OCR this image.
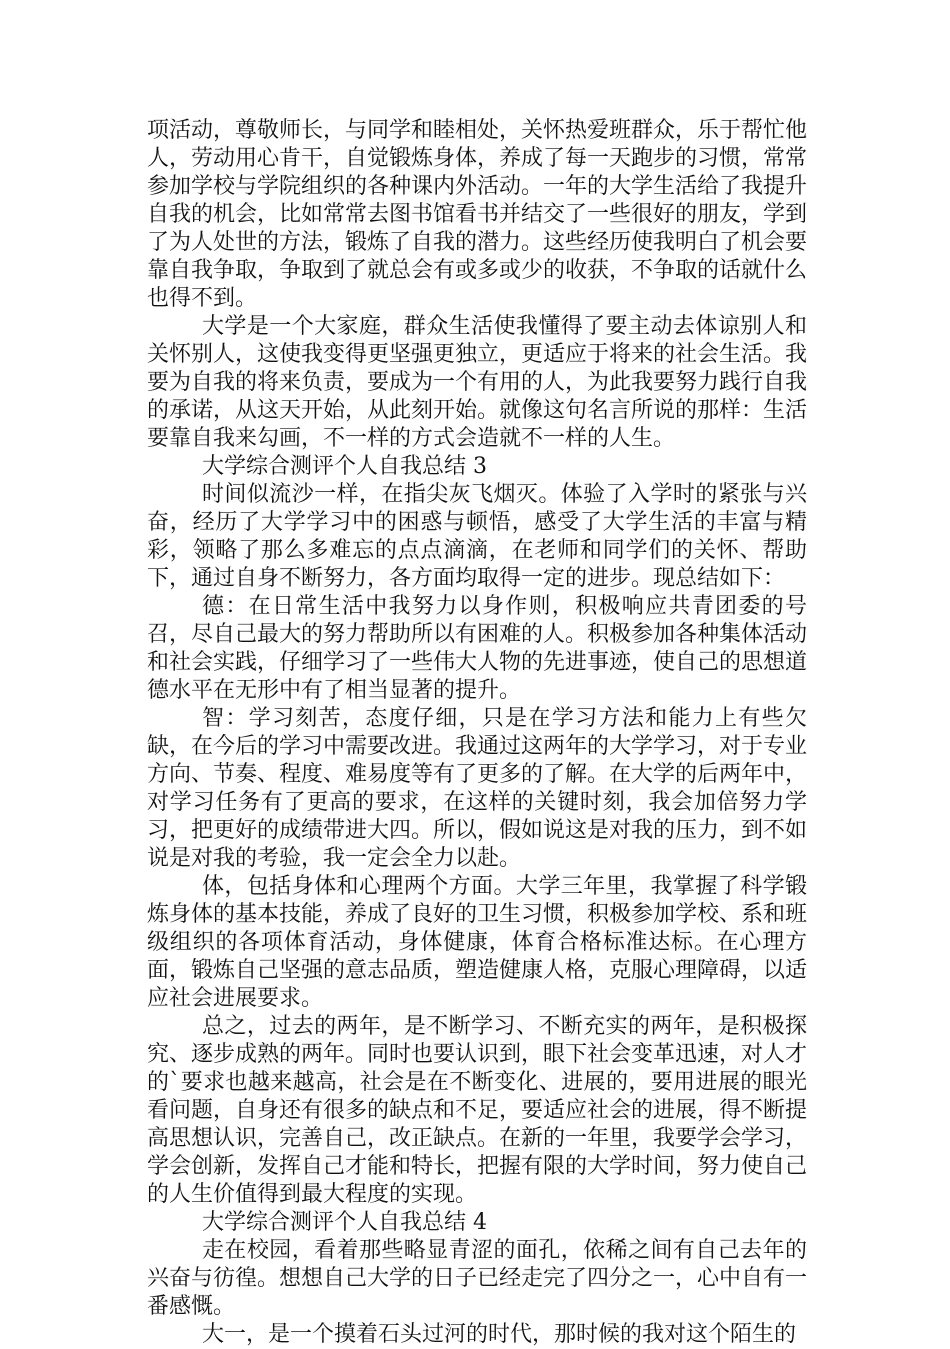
项活动，尊敬师长，与同学和睦相处，关怀热爱班群众，乐于帮忙他人，劳动用心肯干，自觉锻炼身体，养成了每一天跑步的习惯，常常参加学校与学院组织的各种课内外活动。一年的大学生活给了我提升自我的机会，比如常常去图书馆看书并结交了一些很好的朋友，学到了为人处世的方法，锻炼了自我的潜力。这些经历使我明白了机会要靠自我争取，争取到了就总会有或多或少的收获，不争取的话就什么也得不到。

大学是一个大家庭，群众生活使我懂得了要主动去体谅别人和关怀别人，这使我变得更坚强更独立，更适应于将来的社会生活。我要为自我的将来负责，要成为一个有用的人，为此我要努力践行自我的承诺，从这天开始，从此刻开始。就像这句名言所说的那样：生活要靠自我来勾画，不一样的方式会造就不一样的人生。

大学综合测评个人自我总结 3

时间似流沙一样，在指尖灰飞烟灭。体验了入学时的紧张与兴奋，经历了大学学习中的困惑与顿悟，感受了大学生活的丰富与精彩，领略了那么多难忘的点点滴滴，在老师和同学们的关怀、帮助下，通过自身不断努力，各方面均取得一定的进步。现总结如下：

德：在日常生活中我努力以身作则，积极响应共青团委的号召，尽自己最大的努力帮助所以有困难的人。积极参加各种集体活动和社会实践，仔细学习了一些伟大人物的先进事迹，使自己的思想道德水平在无形中有了相当显著的提升。

智：学习刻苦，态度仔细，只是在学习方法和能力上有些欠缺，在今后的学习中需要改进。我通过这两年的大学学习，对于专业方向、节奏、程度、难易度等有了更多的了解。在大学的后两年中，对学习任务有了更高的要求，在这样的关键时刻，我会加倍努力学习，把更好的成绩带进大四。所以，假如说这是对我的压力，到不如说是对我的考验，我一定会全力以赴。

体，包括身体和心理两个方面。大学三年里，我掌握了科学锻炼身体的基本技能，养成了良好的卫生习惯，积极参加学校、系和班级组织的各项体育活动，身体健康，体育合格标准达标。在心理方面，锻炼自己坚强的意志品质，塑造健康人格，克服心理障碍，以适应社会进展要求。

总之，过去的两年，是不断学习、不断充实的两年，是积极探究、逐步成熟的两年。同时也要认识到，眼下社会变革迅速，对人才的`要求也越来越高，社会是在不断变化、进展的，要用进展的眼光看问题，自身还有很多的缺点和不足，要适应社会的进展，得不断提高思想认识，完善自己，改正缺点。在新的一年里，我要学会学习，学会创新，发挥自己才能和特长，把握有限的大学时间，努力使自己的人生价值得到最大程度的实现。

大学综合测评个人自我总结 4

走在校园，看着那些略显青涩的面孔，依稀之间有自己去年的兴奋与彷徨。想想自己大学的日子已经走完了四分之一，心中自有一番感慨。

大一，是一个摸着石头过河的时代，那时候的我对这个陌生的
